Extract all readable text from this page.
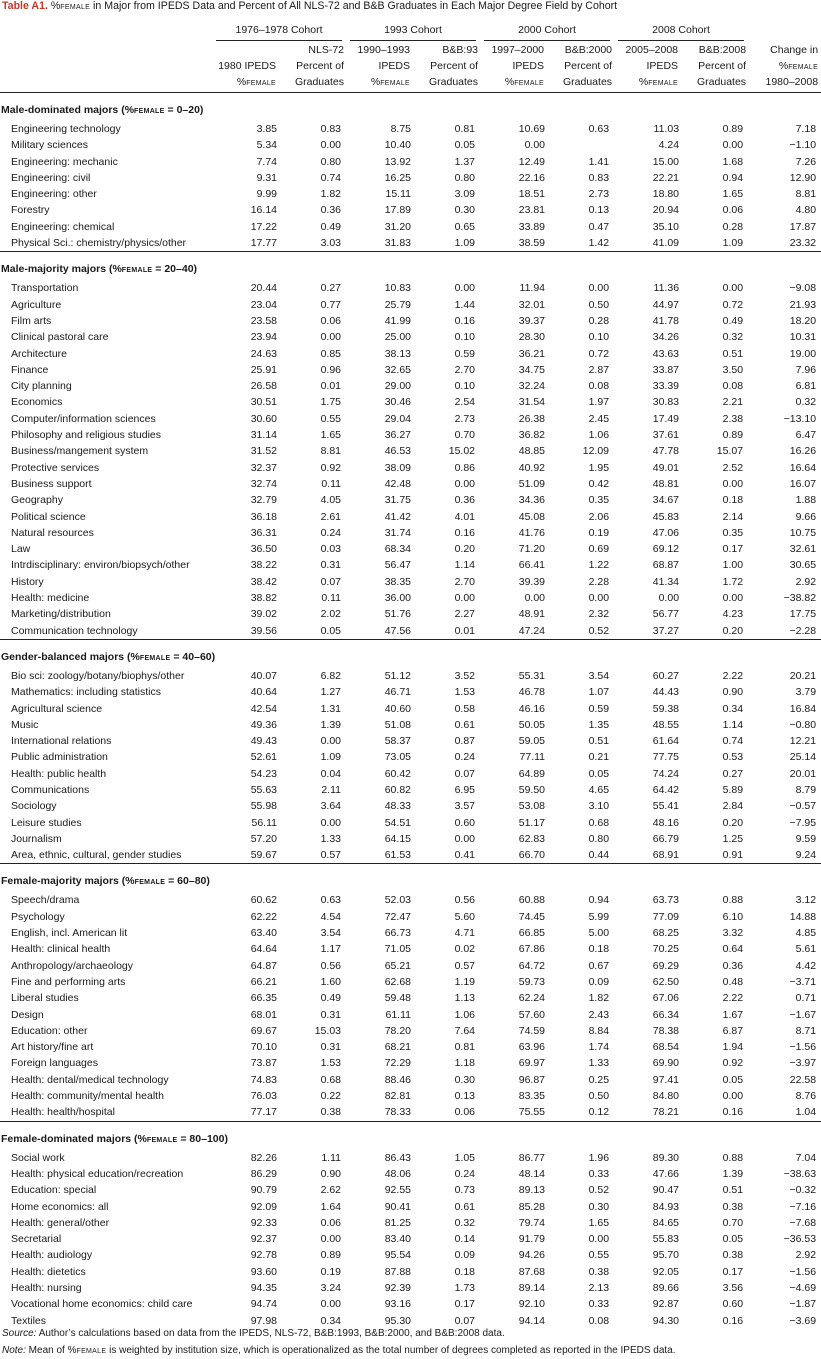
Table A1. %female in Major from IPEDS Data and Percent of All NLS-72 and B&B Graduates in Each Major Degree Field by Cohort

	1976–1978 Cohort		1993 Cohort		2000 Cohort		2008 Cohort		

		NLS-72	1990–1993	B&B:93	1997–2000	B&B:2000	2005–2008	B&B:2008	Change in
	1980 IPEDS	Percent of	IPEDS	Percent of	IPEDS	Percent of	IPEDS	Percent of	%female
	%female	Graduates	%female	Graduates	%female	Graduates	%female	Graduates	1980–2008

Male-dominated majors (%female = 0–20)									
Engineering technology	3.85	0.83	8.75	0.81	10.69	0.63	11.03	0.89	7.18
Military sciences	5.34	0.00	10.40	0.05	0.00		4.24	0.00	−1.10
Engineering: mechanic	7.74	0.80	13.92	1.37	12.49	1.41	15.00	1.68	7.26
Engineering: civil	9.31	0.74	16.25	0.80	22.16	0.83	22.21	0.94	12.90
Engineering: other	9.99	1.82	15.11	3.09	18.51	2.73	18.80	1.65	8.81
Forestry	16.14	0.36	17.89	0.30	23.81	0.13	20.94	0.06	4.80
Engineering: chemical	17.22	0.49	31.20	0.65	33.89	0.47	35.10	0.28	17.87
Physical Sci.: chemistry/physics/other	17.77	3.03	31.83	1.09	38.59	1.42	41.09	1.09	23.32

Male-majority majors (%female = 20–40)									
Transportation	20.44	0.27	10.83	0.00	11.94	0.00	11.36	0.00	−9.08
Agriculture	23.04	0.77	25.79	1.44	32.01	0.50	44.97	0.72	21.93
Film arts	23.58	0.06	41.99	0.16	39.37	0.28	41.78	0.49	18.20
Clinical pastoral care	23.94	0.00	25.00	0.10	28.30	0.10	34.26	0.32	10.31
Architecture	24.63	0.85	38.13	0.59	36.21	0.72	43.63	0.51	19.00
Finance	25.91	0.96	32.65	2.70	34.75	2.87	33.87	3.50	7.96
City planning	26.58	0.01	29.00	0.10	32.24	0.08	33.39	0.08	6.81
Economics	30.51	1.75	30.46	2.54	31.54	1.97	30.83	2.21	0.32
Computer/information sciences	30.60	0.55	29.04	2.73	26.38	2.45	17.49	2.38	−13.10
Philosophy and religious studies	31.14	1.65	36.27	0.70	36.82	1.06	37.61	0.89	6.47
Business/mangement system	31.52	8.81	46.53	15.02	48.85	12.09	47.78	15.07	16.26
Protective services	32.37	0.92	38.09	0.86	40.92	1.95	49.01	2.52	16.64
Business support	32.74	0.11	42.48	0.00	51.09	0.42	48.81	0.00	16.07
Geography	32.79	4.05	31.75	0.36	34.36	0.35	34.67	0.18	1.88
Political science	36.18	2.61	41.42	4.01	45.08	2.06	45.83	2.14	9.66
Natural resources	36.31	0.24	31.74	0.16	41.76	0.19	47.06	0.35	10.75
Law	36.50	0.03	68.34	0.20	71.20	0.69	69.12	0.17	32.61
Intrdisciplinary: environ/biopsych/other	38.22	0.31	56.47	1.14	66.41	1.22	68.87	1.00	30.65
History	38.42	0.07	38.35	2.70	39.39	2.28	41.34	1.72	2.92
Health: medicine	38.82	0.11	36.00	0.00	0.00	0.00	0.00	0.00	−38.82
Marketing/distribution	39.02	2.02	51.76	2.27	48.91	2.32	56.77	4.23	17.75
Communication technology	39.56	0.05	47.56	0.01	47.24	0.52	37.27	0.20	−2.28

Gender-balanced majors (%female = 40–60)									
Bio sci: zoology/botany/biophys/other	40.07	6.82	51.12	3.52	55.31	3.54	60.27	2.22	20.21
Mathematics: including statistics	40.64	1.27	46.71	1.53	46.78	1.07	44.43	0.90	3.79
Agricultural science	42.54	1.31	40.60	0.58	46.16	0.59	59.38	0.34	16.84
Music	49.36	1.39	51.08	0.61	50.05	1.35	48.55	1.14	−0.80
International relations	49.43	0.00	58.37	0.87	59.05	0.51	61.64	0.74	12.21
Public administration	52.61	1.09	73.05	0.24	77.11	0.21	77.75	0.53	25.14
Health: public health	54.23	0.04	60.42	0.07	64.89	0.05	74.24	0.27	20.01
Communications	55.63	2.11	60.82	6.95	59.50	4.65	64.42	5.89	8.79
Sociology	55.98	3.64	48.33	3.57	53.08	3.10	55.41	2.84	−0.57
Leisure studies	56.11	0.00	54.51	0.60	51.17	0.68	48.16	0.20	−7.95
Journalism	57.20	1.33	64.15	0.00	62.83	0.80	66.79	1.25	9.59
Area, ethnic, cultural, gender studies	59.67	0.57	61.53	0.41	66.70	0.44	68.91	0.91	9.24

Female-majority majors (%female = 60–80)									
Speech/drama	60.62	0.63	52.03	0.56	60.88	0.94	63.73	0.88	3.12
Psychology	62.22	4.54	72.47	5.60	74.45	5.99	77.09	6.10	14.88
English, incl. American lit	63.40	3.54	66.73	4.71	66.85	5.00	68.25	3.32	4.85
Health: clinical health	64.64	1.17	71.05	0.02	67.86	0.18	70.25	0.64	5.61
Anthropology/archaeology	64.87	0.56	65.21	0.57	64.72	0.67	69.29	0.36	4.42
Fine and performing arts	66.21	1.60	62.68	1.19	59.73	0.09	62.50	0.48	−3.71
Liberal studies	66.35	0.49	59.48	1.13	62.24	1.82	67.06	2.22	0.71
Design	68.01	0.31	61.11	1.06	57.60	2.43	66.34	1.67	−1.67
Education: other	69.67	15.03	78.20	7.64	74.59	8.84	78.38	6.87	8.71
Art history/fine art	70.10	0.31	68.21	0.81	63.96	1.74	68.54	1.94	−1.56
Foreign languages	73.87	1.53	72.29	1.18	69.97	1.33	69.90	0.92	−3.97
Health: dental/medical technology	74.83	0.68	88.46	0.30	96.87	0.25	97.41	0.05	22.58
Health: community/mental health	76.03	0.22	82.81	0.13	83.35	0.50	84.80	0.00	8.76
Health: health/hospital	77.17	0.38	78.33	0.06	75.55	0.12	78.21	0.16	1.04

Female-dominated majors (%female = 80–100)									
Social work	82.26	1.11	86.43	1.05	86.77	1.96	89.30	0.88	7.04
Health: physical education/recreation	86.29	0.90	48.06	0.24	48.14	0.33	47.66	1.39	−38.63
Education: special	90.79	2.62	92.55	0.73	89.13	0.52	90.47	0.51	−0.32
Home economics: all	92.09	1.64	90.41	0.61	85.28	0.30	84.93	0.38	−7.16
Health: general/other	92.33	0.06	81.25	0.32	79.74	1.65	84.65	0.70	−7.68
Secretarial	92.37	0.00	83.40	0.14	91.79	0.00	55.83	0.05	−36.53
Health: audiology	92.78	0.89	95.54	0.09	94.26	0.55	95.70	0.38	2.92
Health: dietetics	93.60	0.19	87.88	0.18	87.68	0.38	92.05	0.17	−1.56
Health: nursing	94.35	3.24	92.39	1.73	89.14	2.13	89.66	3.56	−4.69
Vocational home economics: child care	94.74	0.00	93.16	0.17	92.10	0.33	92.87	0.60	−1.87
Textiles	97.98	0.34	95.30	0.07	94.14	0.08	94.30	0.16	−3.69
Source: Author’s calculations based on data from the IPEDS, NLS-72, B&B:1993, B&B:2000, and B&B:2008 data.
Note: Mean of %female is weighted by institution size, which is operationalized as the total number of degrees completed as reported in the IPEDS data.
